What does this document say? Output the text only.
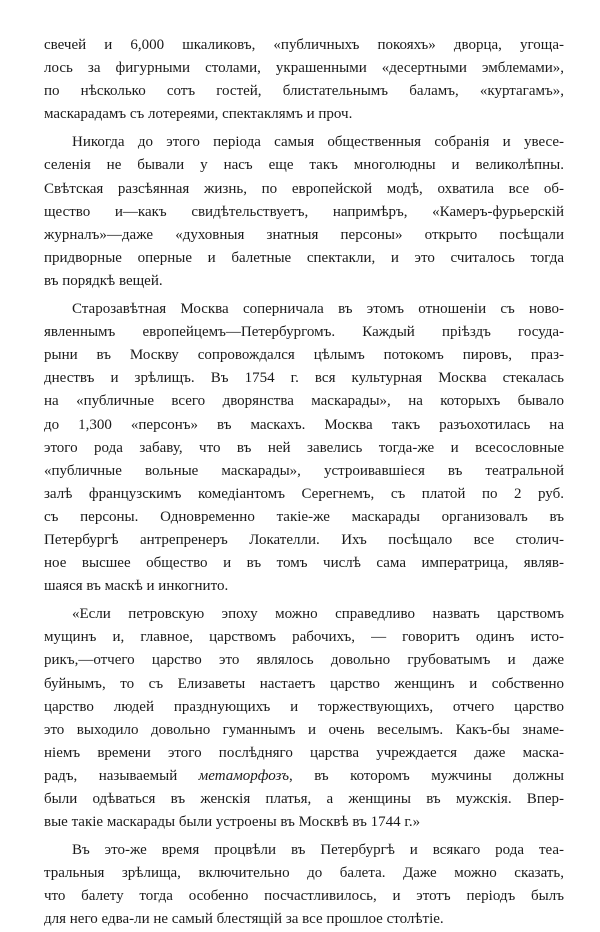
свечей и 6,000 шкаликовъ, «публичныхъ покояхъ» дворца, угоща-
лось за фигурными столами, украшенными «десертными эмблемами»,
по нѣсколько сотъ гостей, блистательнымъ баламъ, «куртагамъ»,
маскарадамъ съ лотереями, спектаклямъ и проч.
Никогда до этого періода самыя общественныя собранія и увесе-
селенія не бывали у насъ еще такъ многолюдны и великолѣпны.
Свѣтская разсѣянная жизнь, по европейской модѣ, охватила все об-
щество и—какъ свидѣтельствуетъ, напримѣръ, «Камеръ-фурьерскій
журналъ»—даже «духовныя знатныя персоны» открыто посѣщали
придворные оперные и балетные спектакли, и это считалось тогда
въ порядкѣ вещей.
Старозавѣтная Москва соперничала въ этомъ отношеніи съ ново-
явленнымъ европейцемъ—Петербургомъ. Каждый пріѣздъ госуда-
рыни въ Москву сопровождался цѣлымъ потокомъ пировъ, праз-
днествъ и зрѣлищъ. Въ 1754 г. вся культурная Москва стекалась
на «публичные всего дворянства маскарады», на которыхъ бывало
до 1,300 «персонъ» въ маскахъ. Москва такъ разъохотилась на
этого рода забаву, что въ ней завелись тогда-же и всесословные
«публичные вольные маскарады», устроивавшіеся въ театральной
залѣ французскимъ комедіантомъ Серегнемъ, съ платой по 2 руб.
съ персоны. Одновременно такіе-же маскарады организовалъ въ
Петербургѣ антрепренеръ Локателли. Ихъ посѣщало все столич-
ное высшее общество и въ томъ числѣ сама императрица, являв-
шаяся въ маскѣ и инкогнито.
«Если петровскую эпоху можно справедливо назвать царствомъ
мущинъ и, главное, царствомъ рабочихъ, — говоритъ одинъ исто-
рикъ,—отчего царство это являлось довольно грубоватымъ и даже
буйнымъ, то съ Елизаветы настаетъ царство женщинъ и собственно
царство людей празднующихъ и торжествующихъ, отчего царство
это выходило довольно гуманнымъ и очень веселымъ. Какъ-бы знаме-
ніемъ времени этого послѣдняго царства учреждается даже маска-
радъ, называемый метаморфозъ, въ которомъ мужчины должны
были одѣваться въ женскія платья, а женщины въ мужскія. Впер-
вые такіе маскарады были устроены въ Москвѣ въ 1744 г.»
Въ это-же время процвѣли въ Петербургѣ и всякаго рода теа-
тральныя зрѣлища, включительно до балета. Даже можно сказать,
что балету тогда особенно посчастливилось, и этотъ періодъ былъ
для него едва-ли не самый блестящій за все прошлое столѣтіе.
